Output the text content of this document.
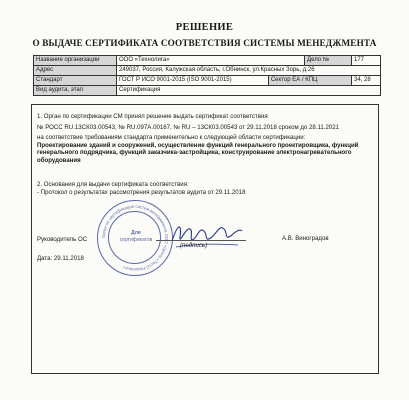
РЕШЕНИЕ
О ВЫДАЧЕ СЕРТИФИКАТА СООТВЕТСТВИЯ СИСТЕМЫ МЕНЕДЖМЕНТА
Название организации	ООО «Технолига»		Дело №	177
Адрес	249037, Россия, Калужская область, г.Обнинск, ул.Красных Зорь, д.26			
Стандарт	ГОСТ Р ИСО 9001-2015 (ISO 9001-2015)	Сектор ЕА / КПЦ		34, 28
Вид аудита, этап	Сертификация			
1. Орган по сертификации СМ принял решение выдать сертификат соответствия
№ РОСС RU.13СК03.00543, № RU.097А.00167, № RU – 13СК03.00543 от 29.11.2018 сроком до 28.11.2021
на соответствие требованиям стандарта применительно к следующей области сертификации:
Проектирование зданий и сооружений, осуществление функций генерального проектировщика, функций генерального подрядчика, функций заказчика-застройщика, конструирование электронагревательного оборудования
2. Основания для выдачи сертификата соответствия:
- Протокол о результатах рассмотрения результатов аудита от 29.11.2018
Орган по сертификации систем менеджмента ООО «Центр «ТестС-Поволжье»
Для
сертификатов
Руководитель ОС
(подпись)
А.В. Виноградов
Дата: 29.11.2018
